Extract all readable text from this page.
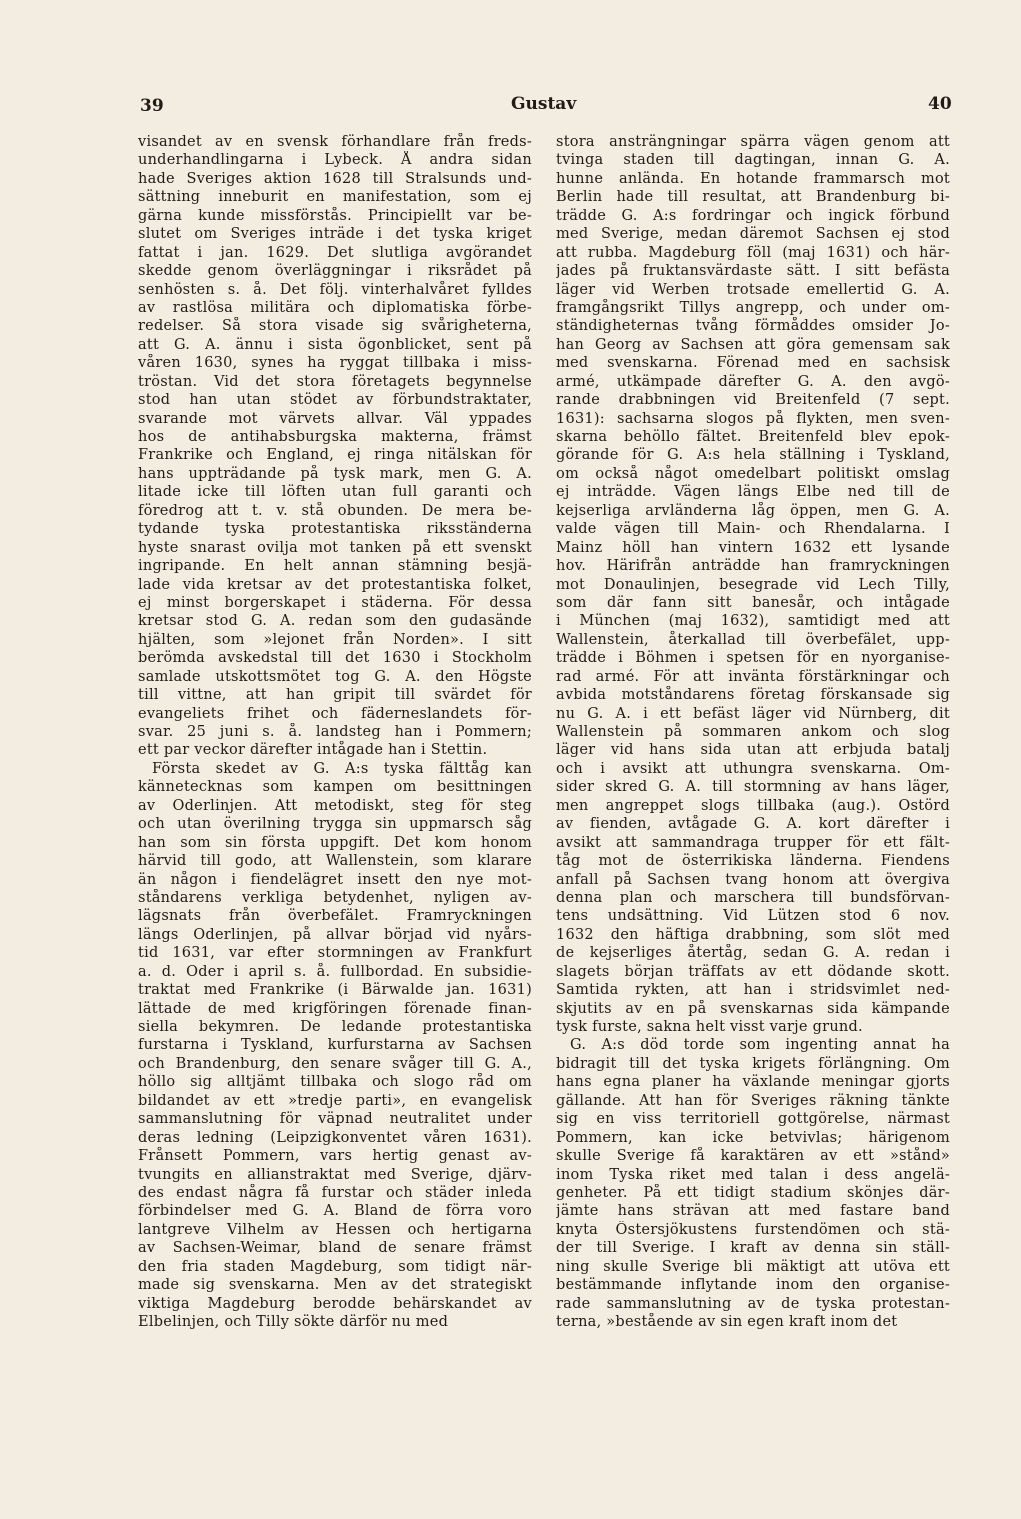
39	Gustav	40
visandet av en svensk förhandlare från freds-
underhandlingarna i Lybeck. Å andra sidan
hade Sveriges aktion 1628 till Stralsunds und-
sättning inneburit en manifestation, som ej
gärna kunde missförstås. Principiellt var be-
slutet om Sveriges inträde i det tyska kriget
fattat i jan. 1629. Det slutliga avgörandet
skedde genom överläggningar i riksrådet på
senhösten s. å. Det följ. vinterhalvåret fylldes
av rastlösa militära och diplomatiska förbe-
redelser. Så stora visade sig svårigheterna,
att G. A. ännu i sista ögonblicket, sent på
våren 1630, synes ha ryggat tillbaka i miss-
tröstan. Vid det stora företagets begynnelse
stod han utan stödet av förbundstraktater,
svarande mot värvets allvar. Väl yppades
hos de antihabsburgska makterna, främst
Frankrike och England, ej ringa nitälskan för
hans uppträdande på tysk mark, men G. A.
litade icke till löften utan full garanti och
föredrog att t. v. stå obunden. De mera be-
tydande tyska protestantiska riksständerna
hyste snarast ovilja mot tanken på ett svenskt
ingripande. En helt annan stämning besjä-
lade vida kretsar av det protestantiska folket,
ej minst borgerskapet i städerna. För dessa
kretsar stod G. A. redan som den gudasände
hjälten, som »lejonet från Norden». I sitt
berömda avskedstal till det 1630 i Stockholm
samlade utskottsmötet tog G. A. den Högste
till vittne, att han gripit till svärdet för
evangeliets frihet och fäderneslandets för-
svar. 25 juni s. å. landsteg han i Pommern;
ett par veckor därefter intågade han i Stettin.
Första skedet av G. A:s tyska fälttåg kan
kännetecknas som kampen om besittningen
av Oderlinjen. Att metodiskt, steg för steg
och utan överilning trygga sin uppmarsch såg
han som sin första uppgift. Det kom honom
härvid till godo, att Wallenstein, som klarare
än någon i fiendelägret insett den nye mot-
ståndarens verkliga betydenhet, nyligen av-
lägsnats från överbefälet. Framryckningen
längs Oderlinjen, på allvar börjad vid nyårs-
tid 1631, var efter stormningen av Frankfurt
a. d. Oder i april s. å. fullbordad. En subsidie-
traktat med Frankrike (i Bärwalde jan. 1631)
lättade de med krigföringen förenade finan-
siella bekymren. De ledande protestantiska
furstarna i Tyskland, kurfurstarna av Sachsen
och Brandenburg, den senare svåger till G. A.,
höllo sig alltjämt tillbaka och slogo råd om
bildandet av ett »tredje parti», en evangelisk
sammanslutning för väpnad neutralitet under
deras ledning (Leipzigkonventet våren 1631).
Frånsett Pommern, vars hertig genast av-
tvungits en allianstraktat med Sverige, djärv-
des endast några få furstar och städer inleda
förbindelser med G. A. Bland de förra voro
lantgreve Vilhelm av Hessen och hertigarna
av Sachsen-Weimar, bland de senare främst
den fria staden Magdeburg, som tidigt när-
made sig svenskarna. Men av det strategiskt
viktiga Magdeburg berodde behärskandet av
Elbelinjen, och Tilly sökte därför nu med
stora ansträngningar spärra vägen genom att
tvinga staden till dagtingan, innan G. A.
hunne anlända. En hotande frammarsch mot
Berlin hade till resultat, att Brandenburg bi-
trädde G. A:s fordringar och ingick förbund
med Sverige, medan däremot Sachsen ej stod
att rubba. Magdeburg föll (maj 1631) och här-
jades på fruktansvärdaste sätt. I sitt befästa
läger vid Werben trotsade emellertid G. A.
framgångsrikt Tillys angrepp, och under om-
ständigheternas tvång förmåddes omsider Jo-
han Georg av Sachsen att göra gemensam sak
med svenskarna. Förenad med en sachsisk
armé, utkämpade därefter G. A. den avgö-
rande drabbningen vid Breitenfeld (7 sept.
1631): sachsarna slogos på flykten, men sven-
skarna behöllo fältet. Breitenfeld blev epok-
görande för G. A:s hela ställning i Tyskland,
om också något omedelbart politiskt omslag
ej inträdde. Vägen längs Elbe ned till de
kejserliga arvländerna låg öppen, men G. A.
valde vägen till Main- och Rhendalarna. I
Mainz höll han vintern 1632 ett lysande
hov. Härifrån anträdde han framryckningen
mot Donaulinjen, besegrade vid Lech Tilly,
som där fann sitt banesår, och intågade
i München (maj 1632), samtidigt med att
Wallenstein, återkallad till överbefälet, upp-
trädde i Böhmen i spetsen för en nyorganise-
rad armé. För att invänta förstärkningar och
avbida motståndarens företag förskansade sig
nu G. A. i ett befäst läger vid Nürnberg, dit
Wallenstein på sommaren ankom och slog
läger vid hans sida utan att erbjuda batalj
och i avsikt att uthungra svenskarna. Om-
sider skred G. A. till stormning av hans läger,
men angreppet slogs tillbaka (aug.). Ostörd
av fienden, avtågade G. A. kort därefter i
avsikt att sammandraga trupper för ett fält-
tåg mot de österrikiska länderna. Fiendens
anfall på Sachsen tvang honom att övergiva
denna plan och marschera till bundsförvan-
tens undsättning. Vid Lützen stod 6 nov.
1632 den häftiga drabbning, som slöt med
de kejserliges återtåg, sedan G. A. redan i
slagets början träffats av ett dödande skott.
Samtida rykten, att han i stridsvimlet ned-
skjutits av en på svenskarnas sida kämpande
tysk furste, sakna helt visst varje grund.
G. A:s död torde som ingenting annat ha
bidragit till det tyska krigets förlängning. Om
hans egna planer ha växlande meningar gjorts
gällande. Att han för Sveriges räkning tänkte
sig en viss territoriell gottgörelse, närmast
Pommern, kan icke betvivlas; härigenom
skulle Sverige få karaktären av ett »stånd»
inom Tyska riket med talan i dess angelä-
genheter. På ett tidigt stadium skönjes där-
jämte hans strävan att med fastare band
knyta Östersjökustens furstendömen och stä-
der till Sverige. I kraft av denna sin ställ-
ning skulle Sverige bli mäktigt att utöva ett
bestämmande inflytande inom den organise-
rade sammanslutning av de tyska protestan-
terna, »bestående av sin egen kraft inom det
